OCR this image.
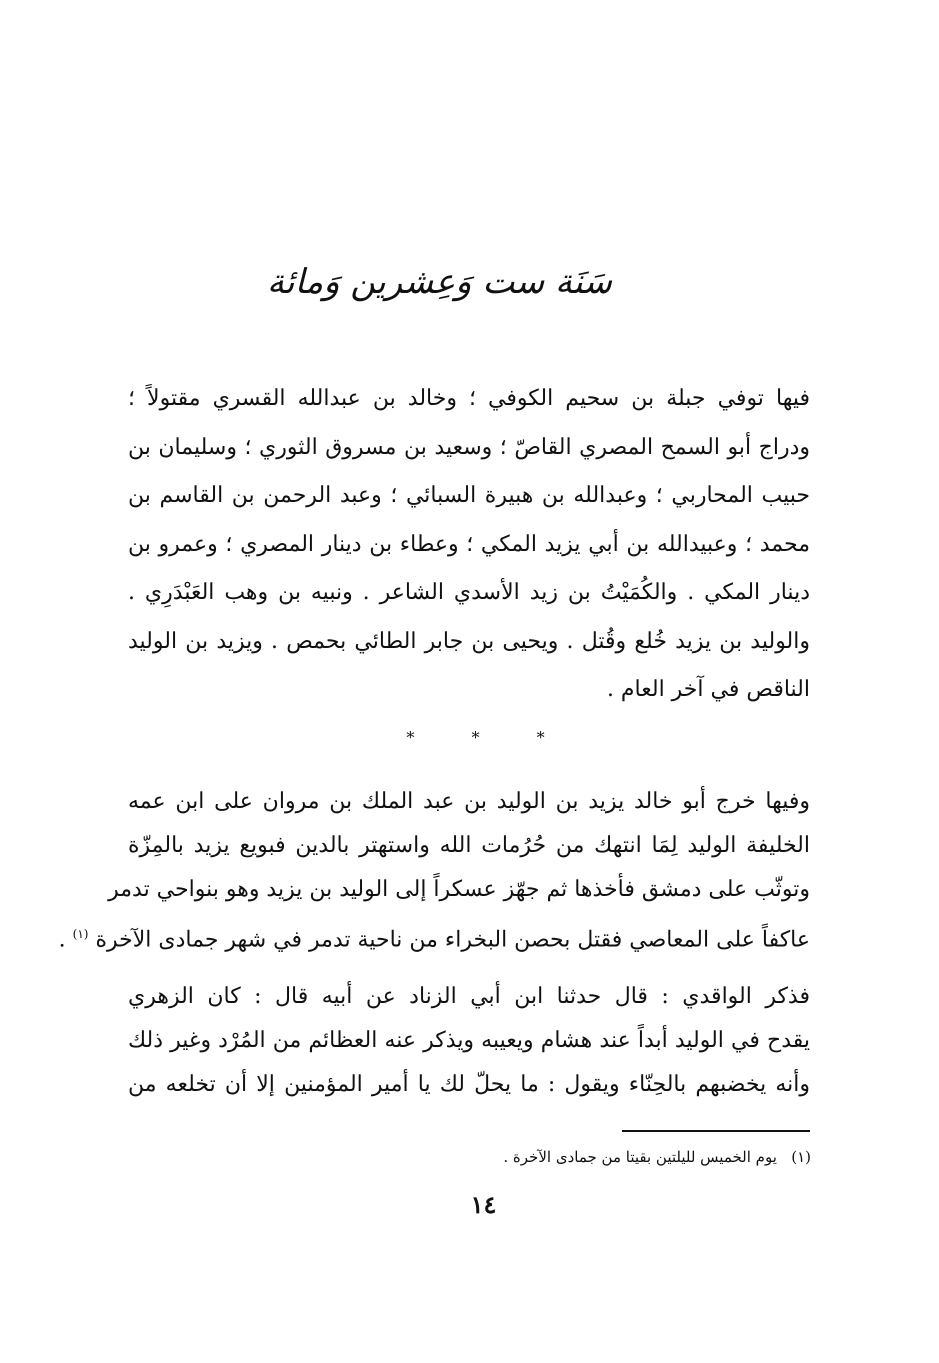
سَنَة ست وَعِشرين وَمائة
فيها توفي جبلة بن سحيم الكوفي ؛ وخالد بن عبدالله القسري مقتولاً ؛
ودراج أبو السمح المصري القاصّ ؛ وسعيد بن مسروق الثوري ؛ وسليمان بن
حبيب المحاربي ؛ وعبدالله بن هبيرة السبائي ؛ وعبد الرحمن بن القاسم بن
محمد ؛ وعبيدالله بن أبي يزيد المكي ؛ وعطاء بن دينار المصري ؛ وعمرو بن
دينار المكي . والكُمَيْتُ بن زيد الأسدي الشاعر . ونبيه بن وهب العَبْدَرِي .
والوليد بن يزيد خُلع وقُتل . ويحيى بن جابر الطائي بحمص . ويزيد بن الوليد
الناقص في آخر العام .
* * *
وفيها خرج أبو خالد يزيد بن الوليد بن عبد الملك بن مروان على ابن عمه
الخليفة الوليد لِمَا انتهك من حُرُمات الله واستهتر بالدين فبويع يزيد بالمِزّة
وتوثّب على دمشق فأخذها ثم جهّز عسكراً إلى الوليد بن يزيد وهو بنواحي تدمر
عاكفاً على المعاصي فقتل بحصن البخراء من ناحية تدمر في شهر جمادى الآخرة $^{(١)}$ .
فذكر الواقدي : قال حدثنا ابن أبي الزناد عن أبيه قال : كان الزهري
يقدح في الوليد أبداً عند هشام ويعيبه ويذكر عنه العظائم من المُرْد وغير ذلك
وأنه يخضبهم بالحِنّاء ويقول : ما يحلّ لك يا أمير المؤمنين إلا أن تخلعه من
(١)   يوم الخميس لليلتين بقيتا من جمادى الآخرة .
١٤
